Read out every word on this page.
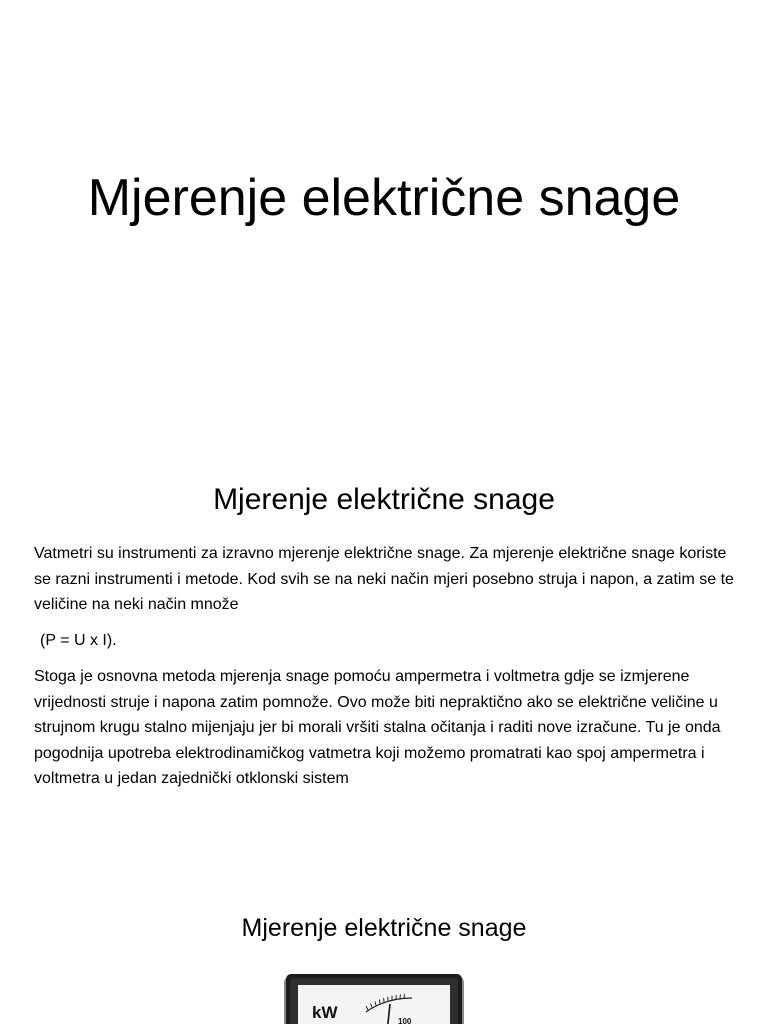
Mjerenje električne snage
Mjerenje električne snage

Vatmetri su instrumenti za izravno mjerenje električne snage. Za mjerenje električne snage koriste se razni instrumenti i metode. Kod svih se na neki način mjeri posebno struja i napon, a zatim se te veličine na neki način množe

(P = U x I).

Stoga je osnovna metoda mjerenja snage pomoću ampermetra i voltmetra gdje se izmjerene vrijednosti struje i napona zatim pomnože. Ovo može biti nepraktično ako se električne veličine u strujnom krugu stalno mijenjaju jer bi morali vršiti stalna očitanja i raditi nove izračune. Tu je onda pogodnija upotreba elektrodinamičkog vatmetra koji možemo promatrati kao spoj ampermetra i voltmetra u jedan zajednički otklonski sistem

Mjerenje električne snage
kW	100
